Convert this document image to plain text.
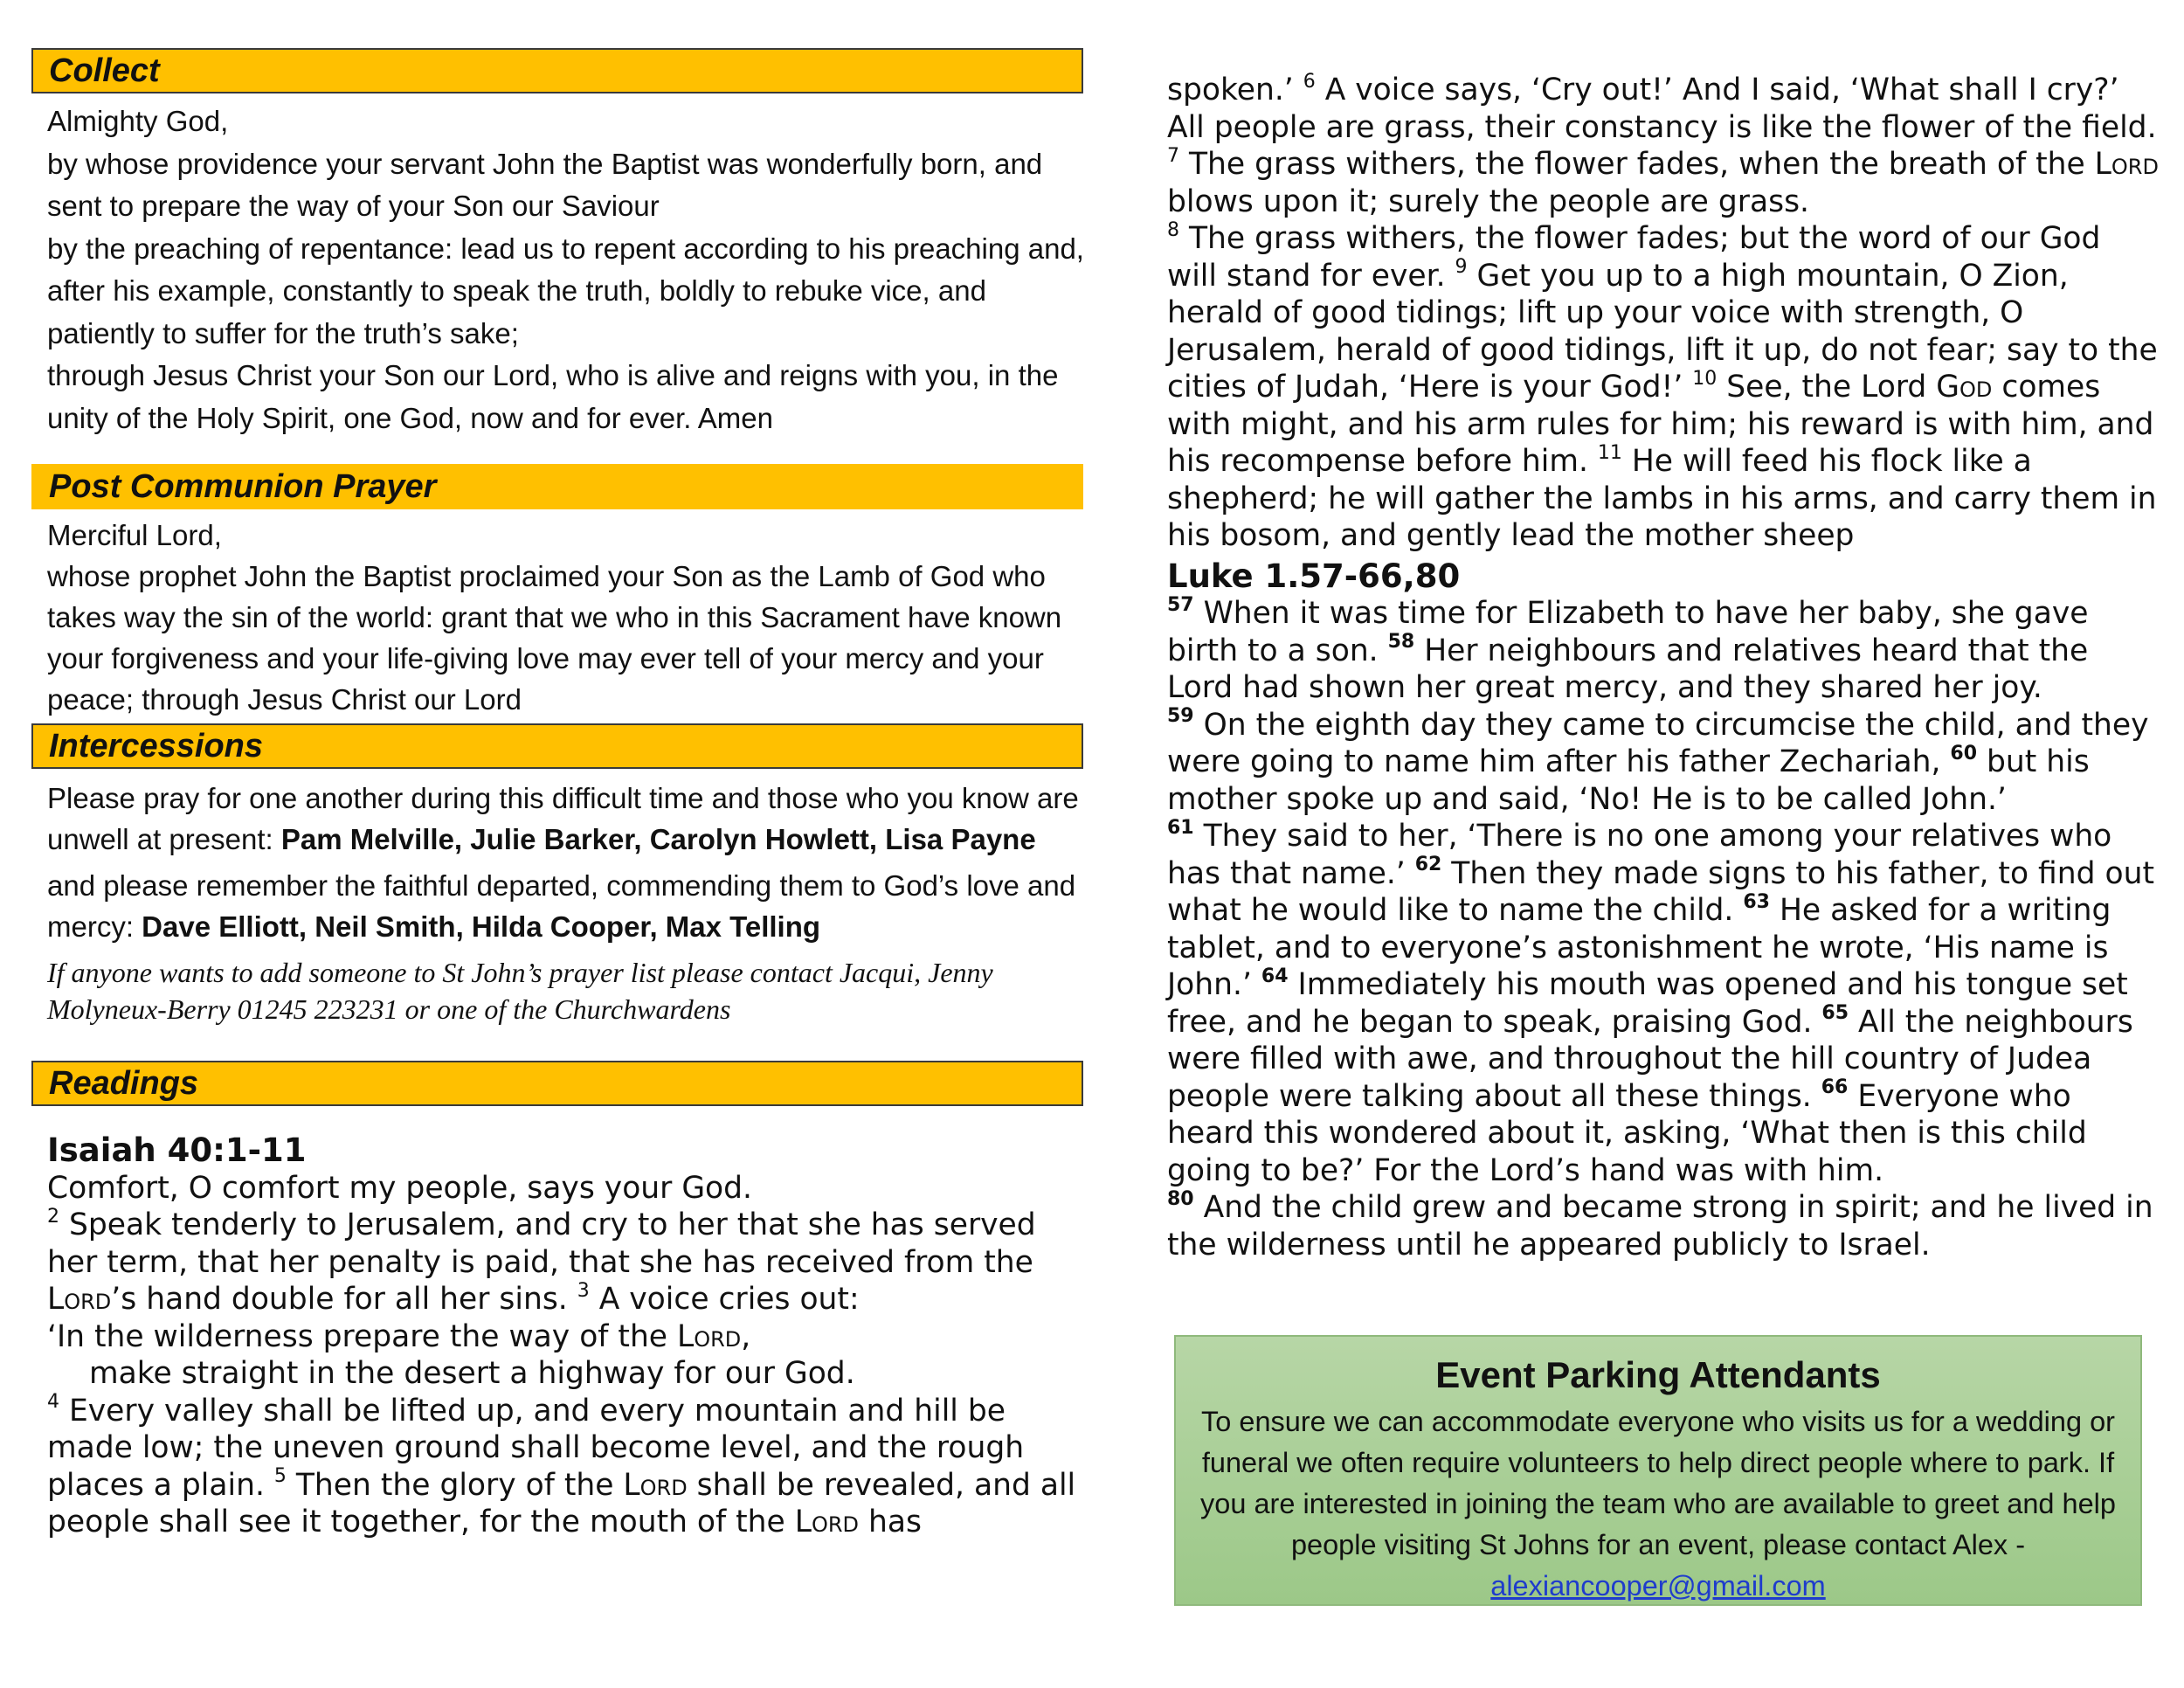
Collect

Almighty God,

by whose providence your servant John the Baptist was wonderfully born, and sent to prepare the way of your Son our Saviour

by the preaching of repentance: lead us to repent according to his preaching and, after his example, constantly to speak the truth, boldly to rebuke vice, and patiently to suffer for the truth’s sake;

through Jesus Christ your Son our Lord, who is alive and reigns with you, in the unity of the Holy Spirit, one God, now and for ever. Amen

Post Communion Prayer

Merciful Lord,

whose prophet John the Baptist proclaimed your Son as the Lamb of God who takes way the sin of the world: grant that we who in this Sacrament have known your forgiveness and your life-giving love may ever tell of your mercy and your peace; through Jesus Christ our Lord

Intercessions

Please pray for one another during this difficult time and those who you know are unwell at present: Pam Melville, Julie Barker, Carolyn Howlett, Lisa Payne

and please remember the faithful departed, commending them to God’s love and mercy: Dave Elliott, Neil Smith, Hilda Cooper, Max Telling

If anyone wants to add someone to St John’s prayer list please contact Jacqui, Jenny Molyneux-Berry 01245 223231 or one of the Churchwardens
Readings
Isaiah 40:1-11
Comfort, O comfort my people, says your God.
$^2$ Speak tenderly to Jerusalem, and cry to her that she has served her term, that her penalty is paid, that she has received from the Lord’s hand double for all her sins. $^3$ A voice cries out:
‘In the wilderness prepare the way of the Lord,
make straight in the desert a highway for our God.
$^4$ Every valley shall be lifted up, and every mountain and hill be made low; the uneven ground shall become level, and the rough places a plain. $^5$ Then the glory of the Lord shall be revealed, and all people shall see it together, for the mouth of the Lord has
spoken.’ $^6$ A voice says, ‘Cry out!’ And I said, ‘What shall I cry?’ All people are grass, their constancy is like the flower of the field. $^7$ The grass withers, the flower fades, when the breath of the Lord blows upon it; surely the people are grass.
$^8$ The grass withers, the flower fades; but the word of our God will stand for ever. $^9$ Get you up to a high mountain, O Zion, herald of good tidings; lift up your voice with strength, O Jerusalem, herald of good tidings, lift it up, do not fear; say to the cities of Judah, ‘Here is your God!’ $^{10}$ See, the Lord God comes with might, and his arm rules for him; his reward is with him, and his recompense before him. $^{11}$ He will feed his flock like a shepherd; he will gather the lambs in his arms, and carry them in his bosom, and gently lead the mother sheep
Luke 1.57-66,80
$^{57}$ When it was time for Elizabeth to have her baby, she gave birth to a son. $^{58}$ Her neighbours and relatives heard that the Lord had shown her great mercy, and they shared her joy.
$^{59}$ On the eighth day they came to circumcise the child, and they were going to name him after his father Zechariah, $^{60}$ but his mother spoke up and said, ‘No! He is to be called John.’
$^{61}$ They said to her, ‘There is no one among your relatives who has that name.’ $^{62}$ Then they made signs to his father, to find out what he would like to name the child. $^{63}$ He asked for a writing tablet, and to everyone’s astonishment he wrote, ‘His name is John.’ $^{64}$ Immediately his mouth was opened and his tongue set free, and he began to speak, praising God. $^{65}$ All the neighbours were filled with awe, and throughout the hill country of Judea people were talking about all these things. $^{66}$ Everyone who heard this wondered about it, asking, ‘What then is this child going to be?’ For the Lord’s hand was with him.
$^{80}$ And the child grew and became strong in spirit; and he lived in the wilderness until he appeared publicly to Israel.
Event Parking Attendants

To ensure we can accommodate everyone who visits us for a wedding or funeral we often require volunteers to help direct people where to park. If you are interested in joining the team who are available to greet and help people visiting St Johns for an event, please contact Alex - alexiancooper@gmail.com
